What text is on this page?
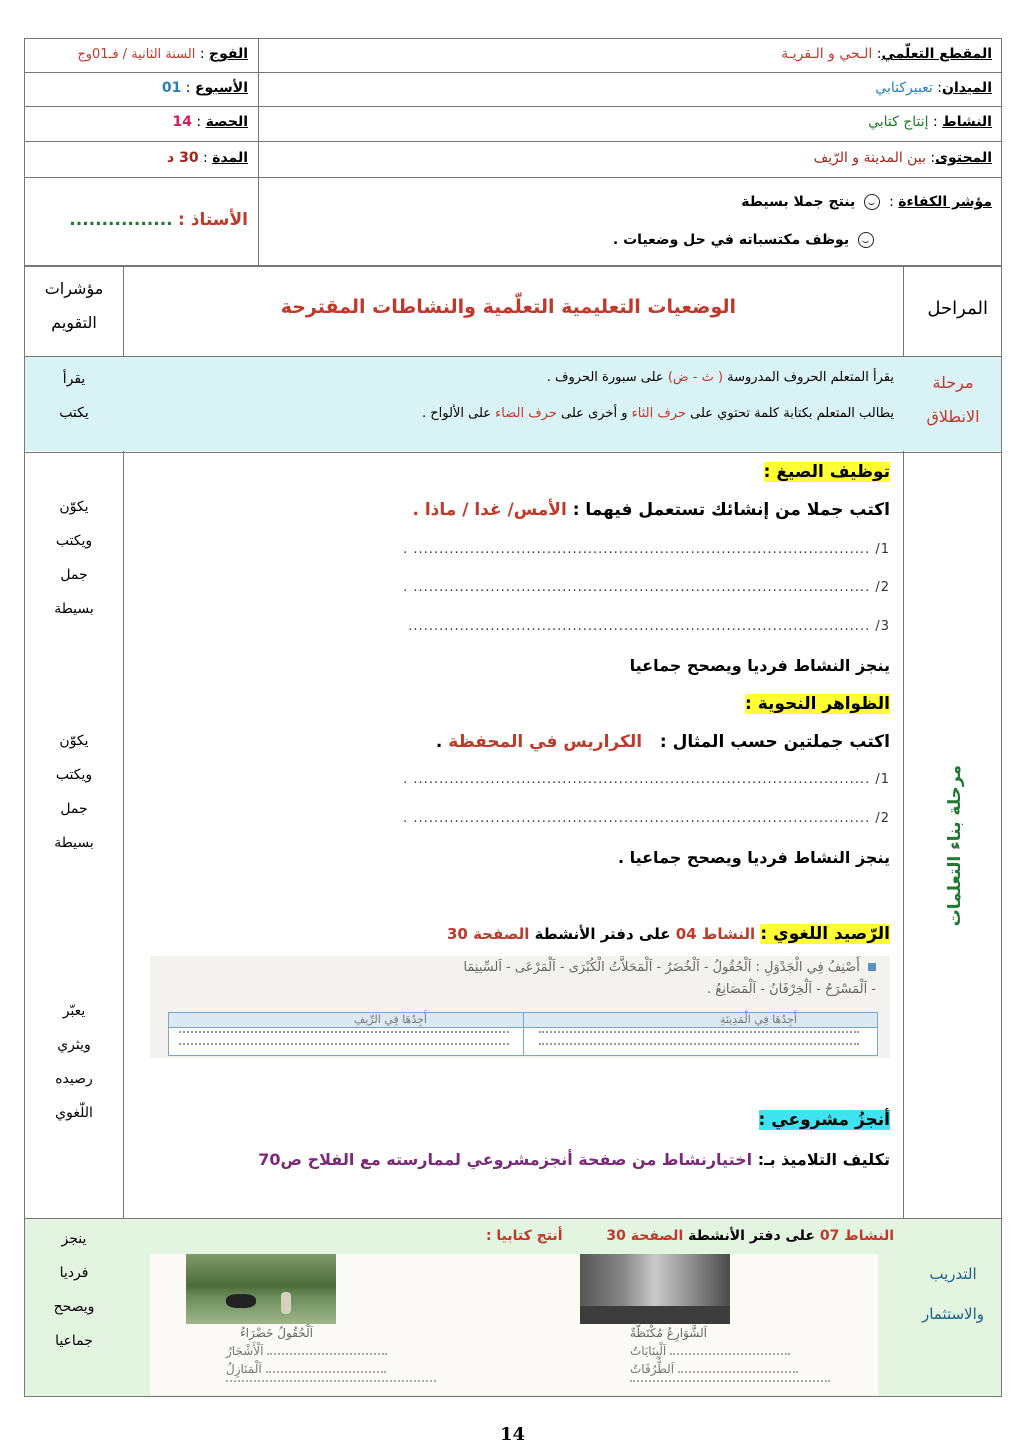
المقطع التعلّمي: الـحي و الـقريـة
الميدان: تعبيركتابي
النشاط : إنتاج كتابي
المحتوى: بين المدينة و الرّيف
مؤشر الكفاءة :    ينتج جملا بسيطة
يوظف مكتسباته في حل وضعيات .
الفوج : السنة الثانية / فـ01وج
الأسبوع : 01
الحصة : 14
المدة : 30 د
الأستاذ : ................
المراحل
الوضعيات التعليمية التعلّمية والنشاطات المقترحة
مؤشرات
التقويم
مرحلة
الانطلاق
يقرأ المتعلم الحروف المدروسة ( ث - ض) على سبورة الحروف .
يطالب المتعلم بكتابة كلمة تحتوي على حرف الثاء و أخرى على حرف الضاء على الألواح .
يقرأ
يكتب
مرحلة بناء التعلمات
توظيف الصيغ :
اكتب جملا من إنشائك تستعمل فيهما : الأمس/ غدا / ماذا .
1/ ......................................................................................... .
2/ ......................................................................................... .
3/ ..........................................................................................
ينجز النشاط فرديا ويصحح جماعيا
الظواهر النحوية :
اكتب جملتين حسب المثال :   الكراريس في المحفظة .
1/ ......................................................................................... .
2/ ......................................................................................... .
ينجز النشاط فرديا ويصحح جماعيا .
الرّصيد اللغوي : النشاط 04 على دفتر الأنشطة الصفحة 30
أَصْنِفُ فِي الْجَدْوَلِ : اَلْحُقُولُ - اَلْخُضَرُ - اَلْمَحَلاَّتُ الْكُبْرَى - اَلْمَرْعَى - اَلسِّينِمَا
- اَلْمَسْرَحُ - اَلْخِرْفَانُ - اَلْمَصَانِعُ .
أَجِدُهَا فِي الْمَدِينَةِ
أَجِدُهَا فِي الرِّيفِ
أنجزُ مشروعي :
تكليف التلاميذ بـ: اختيارنشاط من صفحة أنجزمشروعي لممارسته مع الفلاح ص70
يكوّن
ويكتب
جمل
بسيطة
يكوّن
ويكتب
جمل
بسيطة
يعبّر
ويثري
رصيده
اللّغوي
التدريب
والاستثمار
النشاط 07 على دفتر الأنشطة الصفحة 30         أنتج كتابيا :
اَلْحُقُولُ خَضْرَاءُ	اَلشَّوَارِعُ مُكْتَظَّةٌ
اَلْأَشْجَارُ
اَلْمَنَازِلُ
اَلْبِنَايَاتُ
اَلطُّرُقَاتُ
ينجز
فرديا
ويصحح
جماعيا
14
